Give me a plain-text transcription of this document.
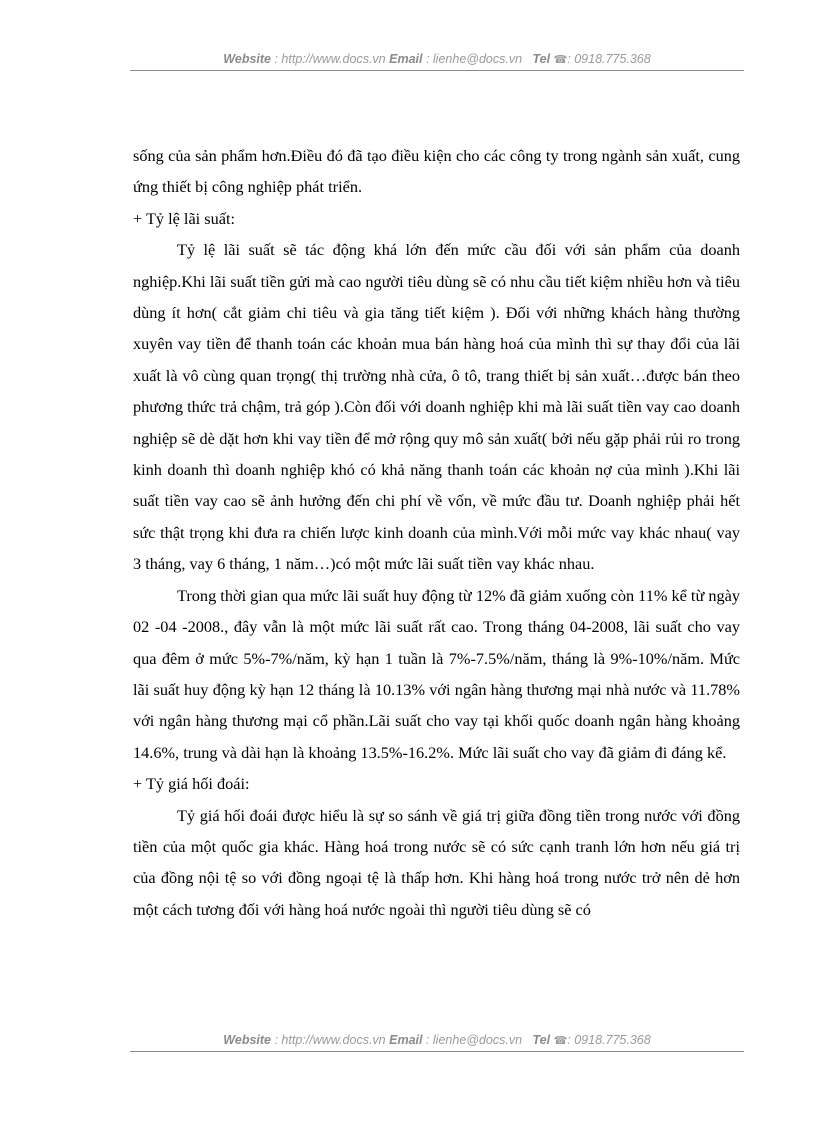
Website : http://www.docs.vn Email : lienhe@docs.vn Tel ☎: 0918.775.368

sống của sản phẩm hơn.Điều đó đã tạo điều kiện cho các công ty trong ngành sản xuất, cung ứng thiết bị công nghiệp phát triển.

+ Tỷ lệ lãi suất:

Tỷ lệ lãi suất sẽ tác động khá lớn đến mức cầu đối với sản phẩm của doanh nghiệp.Khi lãi suất tiền gửi mà cao người tiêu dùng sẽ có nhu cầu tiết kiệm nhiều hơn và tiêu dùng ít hơn( cắt giảm chi tiêu và gia tăng tiết kiệm ). Đối với những khách hàng thường xuyên vay tiền để thanh toán các khoản mua bán hàng hoá của mình thì sự thay đổi của lãi xuất là vô cùng quan trọng( thị trường nhà cửa, ô tô, trang thiết bị sản xuất…được bán theo phương thức trả chậm, trả góp ).Còn đối với doanh nghiệp khi mà lãi suất tiền vay cao doanh nghiệp sẽ dè dặt hơn khi vay tiền để mở rộng quy mô sản xuất( bởi nếu gặp phải rủi ro trong kinh doanh thì doanh nghiệp khó có khả năng thanh toán các khoản nợ của mình ).Khi lãi suất tiền vay cao sẽ ảnh hưởng đến chi phí về vốn, về mức đầu tư. Doanh nghiệp phải hết sức thật trọng khi đưa ra chiến lược kinh doanh của mình.Với mỗi mức vay khác nhau( vay 3 tháng, vay 6 tháng, 1 năm…)có một mức lãi suất tiền vay khác nhau.

Trong thời gian qua mức lãi suất huy động từ 12% đã giảm xuống còn 11% kể từ ngày 02 -04 -2008., đây vẫn là một mức lãi suất rất cao. Trong tháng 04-2008, lãi suất cho vay qua đêm ở mức 5%-7%/năm, kỳ hạn 1 tuần là 7%-7.5%/năm, tháng là 9%-10%/năm. Mức lãi suất huy động kỳ hạn 12 tháng là 10.13% với ngân hàng thương mại nhà nước và 11.78% với ngân hàng thương mại cổ phần.Lãi suất cho vay tại khối quốc doanh ngân hàng khoảng 14.6%, trung và dài hạn là khoảng 13.5%-16.2%. Mức lãi suất cho vay đã giảm đi đáng kể.

+ Tỷ giá hối đoái:

Tỷ giá hối đoái được hiểu là sự so sánh về giá trị giữa đồng tiền trong nước với đồng tiền của một quốc gia khác. Hàng hoá trong nước sẽ có sức cạnh tranh lớn hơn nếu giá trị của đồng nội tệ so với đồng ngoại tệ là thấp hơn. Khi hàng hoá trong nước trở nên dẻ hơn một cách tương đối với hàng hoá nước ngoài thì người tiêu dùng sẽ có

Website : http://www.docs.vn Email : lienhe@docs.vn Tel ☎: 0918.775.368
